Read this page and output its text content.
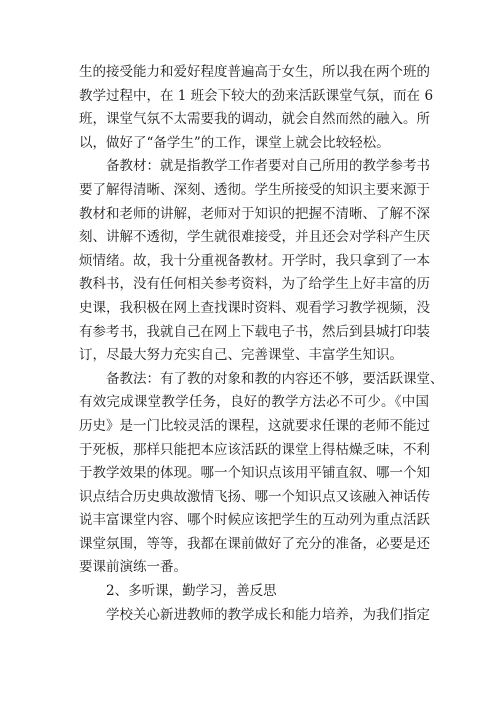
生的接受能力和爱好程度普遍高于女生，所以我在两个班的
教学过程中，在 1 班会下较大的劲来活跃课堂气氛，而在 6
班，课堂气氛不太需要我的调动，就会自然而然的融入。所
以，做好了“备学生”的工作，课堂上就会比较轻松。
备教材：就是指教学工作者要对自己所用的教学参考书
要了解得清晰、深刻、透彻。学生所接受的知识主要来源于
教材和老师的讲解，老师对于知识的把握不清晰、了解不深
刻、讲解不透彻，学生就很难接受，并且还会对学科产生厌
烦情绪。故，我十分重视备教材。开学时，我只拿到了一本
教科书，没有任何相关参考资料，为了给学生上好丰富的历
史课，我积极在网上查找课时资料、观看学习教学视频，没
有参考书，我就自己在网上下载电子书，然后到县城打印装
订，尽最大努力充实自己、完善课堂、丰富学生知识。
备教法：有了教的对象和教的内容还不够，要活跃课堂、
有效完成课堂教学任务，良好的教学方法必不可少。《中国
历史》是一门比较灵活的课程，这就要求任课的老师不能过
于死板，那样只能把本应该活跃的课堂上得枯燥乏味，不利
于教学效果的体现。哪一个知识点该用平铺直叙、哪一个知
识点结合历史典故激情飞扬、哪一个知识点又该融入神话传
说丰富课堂内容、哪个时候应该把学生的互动列为重点活跃
课堂氛围，等等，我都在课前做好了充分的准备，必要是还
要课前演练一番。
2、多听课，勤学习，善反思
学校关心新进教师的教学成长和能力培养，为我们指定
